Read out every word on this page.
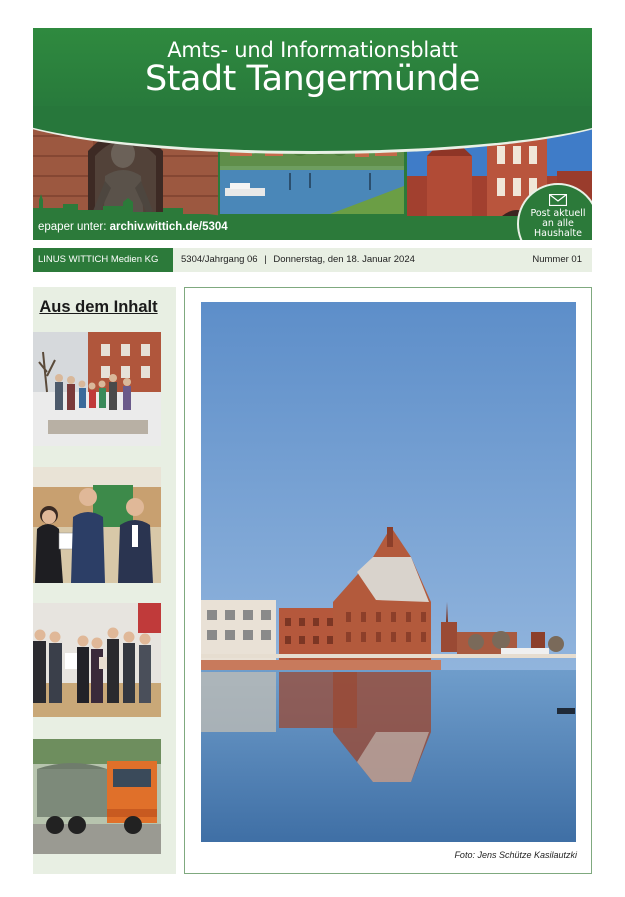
Amts- und Informationsblatt
Stadt Tangermünde
epaper unter: archiv.wittich.de/5304
Post aktuell
an alle
Haushalte
LINUS WITTICH Medien KG	5304/Jahrgang 06 | Donnerstag, den 18. Januar 2024	Nummer 01
Aus dem Inhalt
Foto: Jens Schütze Kasilautzki
